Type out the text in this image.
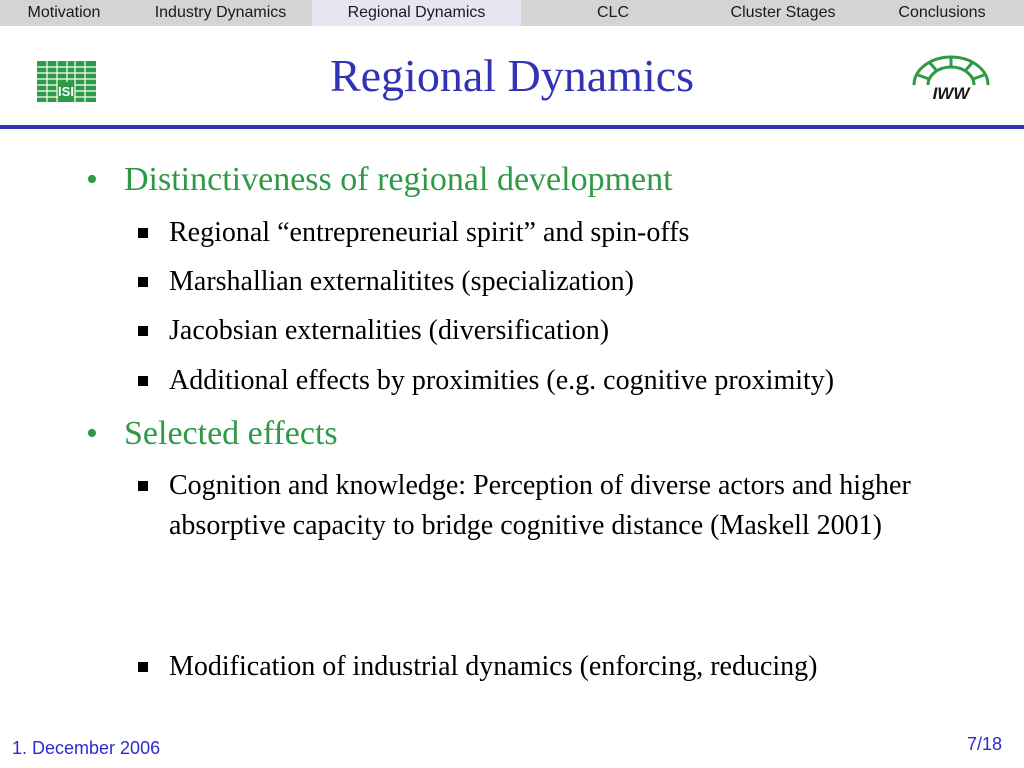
Motivation	Industry Dynamics	Regional Dynamics	CLC	Cluster Stages	Conclusions
ISI	IWW
Regional Dynamics
• Distinctiveness of regional development
Regional “entrepreneurial spirit” and spin-offs
Marshallian externalitites (specialization)
Jacobsian externalities (diversification)
Additional effects by proximities (e.g. cognitive proximity)
• Selected effects
Cognition and knowledge: Perception of diverse actors and higher absorptive capacity to bridge cognitive distance (Maskell 2001)
Modification of industrial dynamics (enforcing, reducing)
1. December 2006	7/18
